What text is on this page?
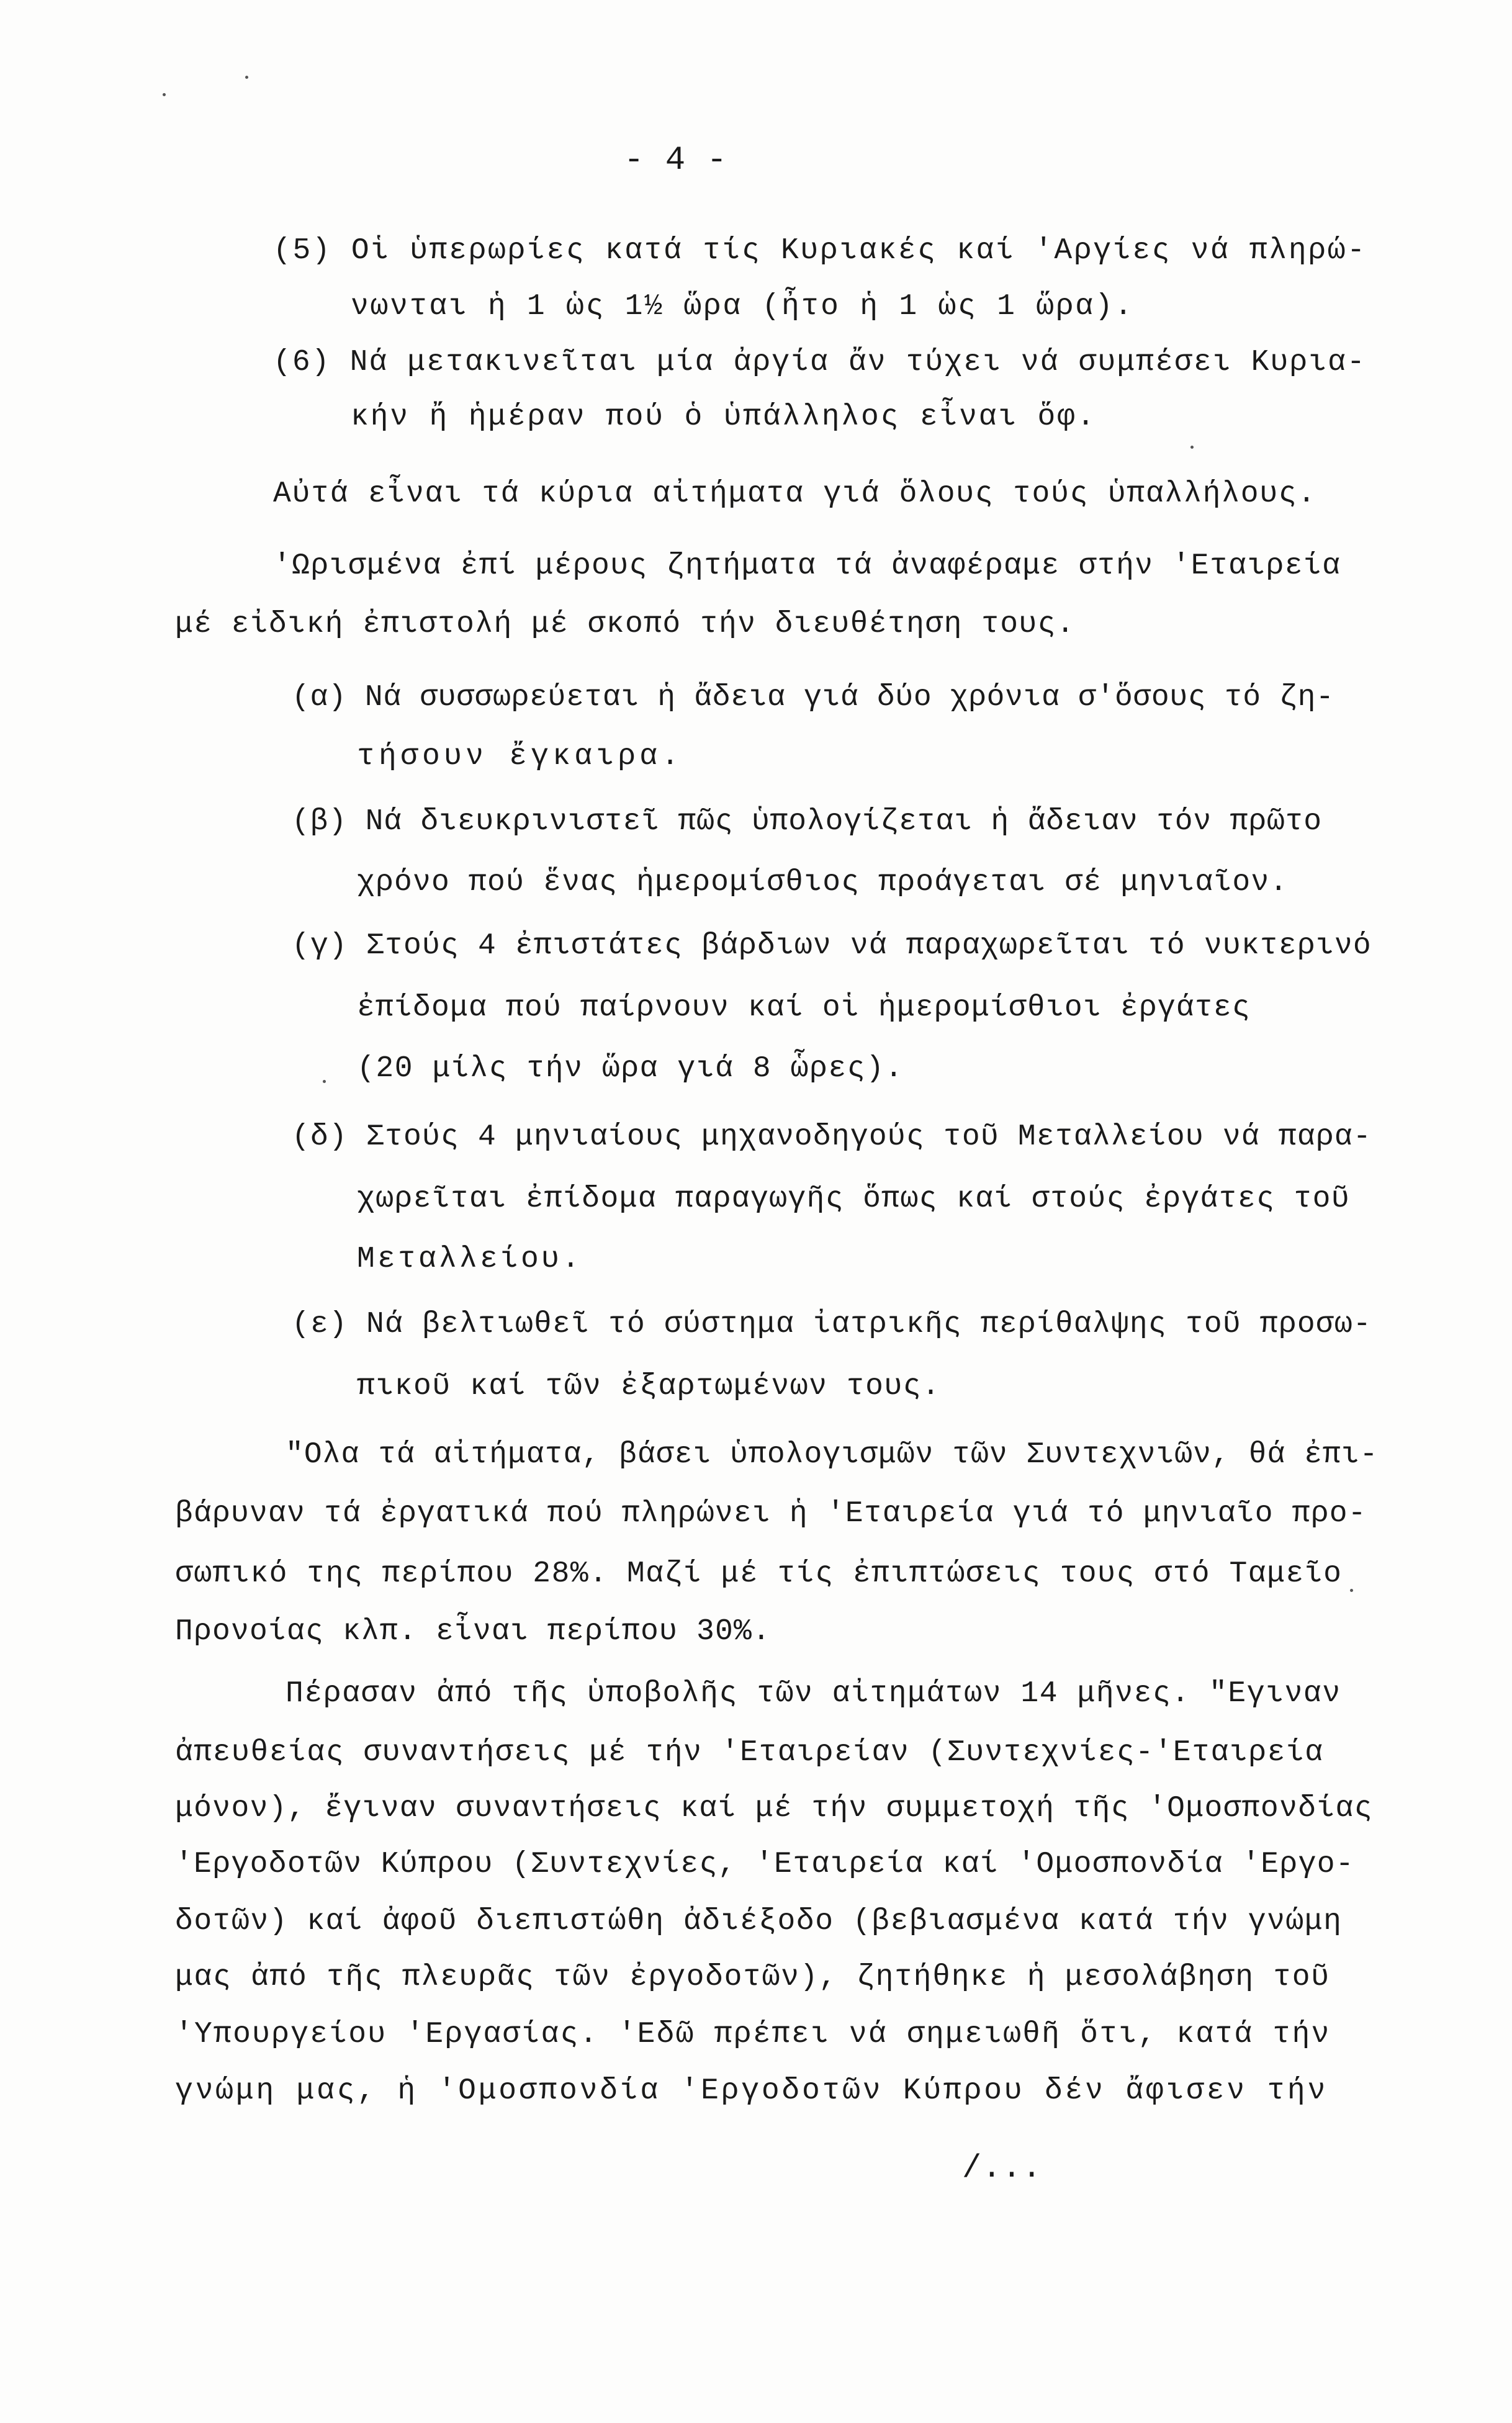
- 4 -
(5) Οἱ ὑπερωρίες κατά τίς Κυριακές καί 'Αργίες νά πληρώ-
νωνται ἡ 1 ὡς 1½ ὥρα (ἦτο ἡ 1 ὡς 1 ὥρα).
(6) Νά μετακινεῖται μία ἀργία ἄν τύχει νά συμπέσει Κυρια-
κήν ἤ ἡμέραν πού ὁ ὑπάλληλος εἶναι ὅφ.
Αὐτά εἶναι τά κύρια αἰτήματα γιά ὅλους τούς ὑπαλλήλους.
'Ωρισμένα ἐπί μέρους ζητήματα τά ἀναφέραμε στήν 'Εταιρεία
μέ εἰδική ἐπιστολή μέ σκοπό τήν διευθέτηση τους.
(α) Νά συσσωρεύεται ἡ ἄδεια γιά δύο χρόνια σ'ὅσους τό ζη-
τήσουν ἔγκαιρα.
(β) Νά διευκρινιστεῖ πῶς ὑπολογίζεται ἡ ἄδειαν τόν πρῶτο
χρόνο πού ἕνας ἡμερομίσθιος προάγεται σέ μηνιαῖον.
(γ) Στούς 4 ἐπιστάτες βάρδιων νά παραχωρεῖται τό νυκτερινό
ἐπίδομα πού παίρνουν καί οἱ ἡμερομίσθιοι ἐργάτες
(20 μίλς τήν ὥρα γιά 8 ὧρες).
(δ) Στούς 4 μηνιαίους μηχανοδηγούς τοῦ Μεταλλείου νά παρα-
χωρεῖται ἐπίδομα παραγωγῆς ὅπως καί στούς ἐργάτες τοῦ
Μεταλλείου.
(ε) Νά βελτιωθεῖ τό σύστημα ἰατρικῆς περίθαλψης τοῦ προσω-
πικοῦ καί τῶν ἐξαρτωμένων τους.
"Ολα τά αἰτήματα, βάσει ὑπολογισμῶν τῶν Συντεχνιῶν, θά ἐπι-
βάρυναν τά ἐργατικά πού πληρώνει ἡ 'Εταιρεία γιά τό μηνιαῖο προ-
σωπικό της περίπου 28%. Μαζί μέ τίς ἐπιπτώσεις τους στό Ταμεῖο
Προνοίας κλπ. εἶναι περίπου 30%.
Πέρασαν ἀπό τῆς ὑποβολῆς τῶν αἰτημάτων 14 μῆνες. "Εγιναν
ἀπευθείας συναντήσεις μέ τήν 'Εταιρείαν (Συντεχνίες-'Εταιρεία
μόνον), ἔγιναν συναντήσεις καί μέ τήν συμμετοχή τῆς 'Ομοσπονδίας
'Εργοδοτῶν Κύπρου (Συντεχνίες, 'Εταιρεία καί 'Ομοσπονδία 'Εργο-
δοτῶν) καί ἀφοῦ διεπιστώθη ἀδιέξοδο (βεβιασμένα κατά τήν γνώμη
μας ἀπό τῆς πλευρᾶς τῶν ἐργοδοτῶν), ζητήθηκε ἡ μεσολάβηση τοῦ
'Υπουργείου 'Εργασίας. 'Εδῶ πρέπει νά σημειωθῆ ὅτι, κατά τήν
γνώμη μας, ἡ 'Ομοσπονδία 'Εργοδοτῶν Κύπρου δέν ἄφισεν τήν
/...
